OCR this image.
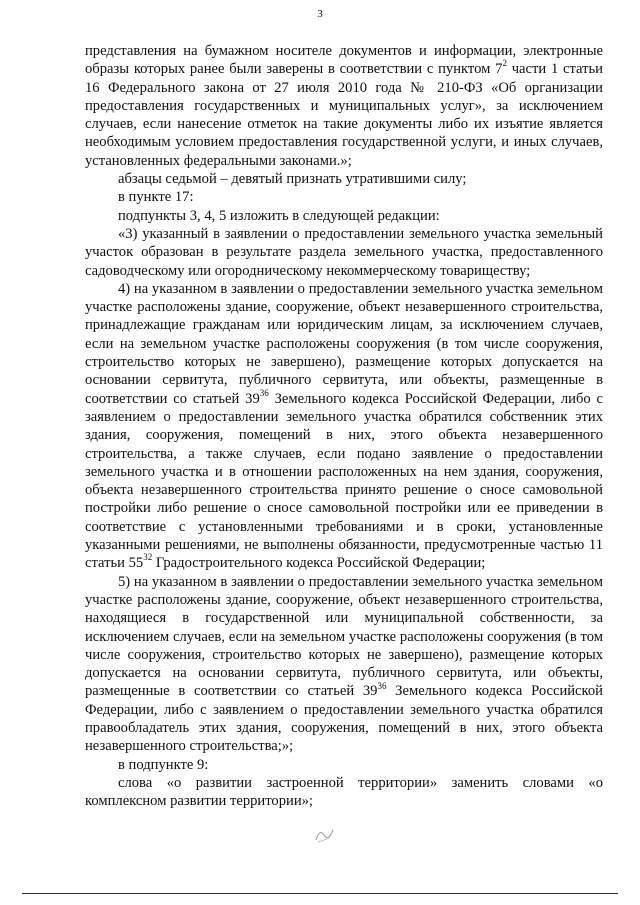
3

представления на бумажном носителе документов и информации, электронные образы которых ранее были заверены в соответствии с пунктом $7^2$ части 1 статьи 16 Федерального закона от 27 июля 2010 года № 210-ФЗ «Об организации предоставления государственных и муниципальных услуг», за исключением случаев, если нанесение отметок на такие документы либо их изъятие является необходимым условием предоставления государственной услуги, и иных случаев, установленных федеральными законами.»;

абзацы седьмой – девятый признать утратившими силу;

в пункте 17:

подпункты 3, 4, 5 изложить в следующей редакции:

«3) указанный в заявлении о предоставлении земельного участка земельный участок образован в результате раздела земельного участка, предоставленного садоводческому или огородническому некоммерческому товариществу;

4) на указанном в заявлении о предоставлении земельного участка земельном участке расположены здание, сооружение, объект незавершенного строительства, принадлежащие гражданам или юридическим лицам, за исключением случаев, если на земельном участке расположены сооружения (в том числе сооружения, строительство которых не завершено), размещение которых допускается на основании сервитута, публичного сервитута, или объекты, размещенные в соответствии со статьей $39^{36}$ Земельного кодекса Российской Федерации, либо с заявлением о предоставлении земельного участка обратился собственник этих здания, сооружения, помещений в них, этого объекта незавершенного строительства, а также случаев, если подано заявление о предоставлении земельного участка и в отношении расположенных на нем здания, сооружения, объекта незавершенного строительства принято решение о сносе самовольной постройки либо решение о сносе самовольной постройки или ее приведении в соответствие с установленными требованиями и в сроки, установленные указанными решениями, не выполнены обязанности, предусмотренные частью 11 статьи $55^{32}$ Градостроительного кодекса Российской Федерации;

5) на указанном в заявлении о предоставлении земельного участка земельном участке расположены здание, сооружение, объект незавершенного строительства, находящиеся в государственной или муниципальной собственности, за исключением случаев, если на земельном участке расположены сооружения (в том числе сооружения, строительство которых не завершено), размещение которых допускается на основании сервитута, публичного сервитута, или объекты, размещенные в соответствии со статьей $39^{36}$ Земельного кодекса Российской Федерации, либо с заявлением о предоставлении земельного участка обратился правообладатель этих здания, сооружения, помещений в них, этого объекта незавершенного строительства;»;

в подпункте 9:

слова «о развитии застроенной территории» заменить словами «о комплексном развитии территории»;
